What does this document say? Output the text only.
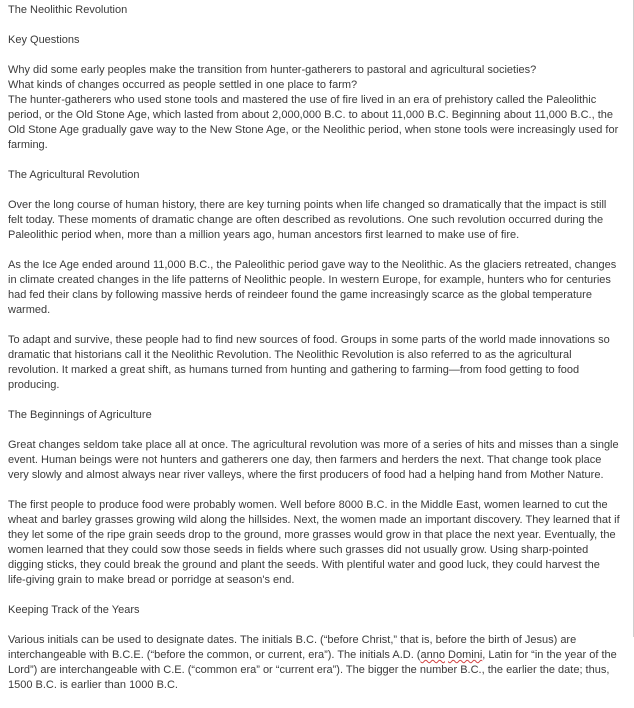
The Neolithic Revolution

Key Questions

Why did some early peoples make the transition from hunter-gatherers to pastoral and agricultural societies?

What kinds of changes occurred as people settled in one place to farm?

The hunter-gatherers who used stone tools and mastered the use of fire lived in an era of prehistory called the Paleolithic period, or the Old Stone Age, which lasted from about 2,000,000 B.C. to about 11,000 B.C. Beginning about 11,000 B.C., the Old Stone Age gradually gave way to the New Stone Age, or the Neolithic period, when stone tools were increasingly used for farming.

The Agricultural Revolution

Over the long course of human history, there are key turning points when life changed so dramatically that the impact is still felt today. These moments of dramatic change are often described as revolutions. One such revolution occurred during the Paleolithic period when, more than a million years ago, human ancestors first learned to make use of fire.

As the Ice Age ended around 11,000 B.C., the Paleolithic period gave way to the Neolithic. As the glaciers retreated, changes in climate created changes in the life patterns of Neolithic people. In western Europe, for example, hunters who for centuries had fed their clans by following massive herds of reindeer found the game increasingly scarce as the global temperature warmed.

To adapt and survive, these people had to find new sources of food. Groups in some parts of the world made innovations so dramatic that historians call it the Neolithic Revolution. The Neolithic Revolution is also referred to as the agricultural revolution. It marked a great shift, as humans turned from hunting and gathering to farming—from food getting to food producing.

The Beginnings of Agriculture

Great changes seldom take place all at once. The agricultural revolution was more of a series of hits and misses than a single event. Human beings were not hunters and gatherers one day, then farmers and herders the next. That change took place very slowly and almost always near river valleys, where the first producers of food had a helping hand from Mother Nature.

The first people to produce food were probably women. Well before 8000 B.C. in the Middle East, women learned to cut the wheat and barley grasses growing wild along the hillsides. Next, the women made an important discovery. They learned that if they let some of the ripe grain seeds drop to the ground, more grasses would grow in that place the next year. Eventually, the women learned that they could sow those seeds in fields where such grasses did not usually grow. Using sharp-pointed digging sticks, they could break the ground and plant the seeds. With plentiful water and good luck, they could harvest the life-giving grain to make bread or porridge at season's end.

Keeping Track of the Years

Various initials can be used to designate dates. The initials B.C. (“before Christ,” that is, before the birth of Jesus) are interchangeable with B.C.E. (“before the common, or current, era”). The initials A.D. (anno Domini, Latin for “in the year of the Lord”) are interchangeable with C.E. (“common era” or “current era”). The bigger the number B.C., the earlier the date; thus, 1500 B.C. is earlier than 1000 B.C.
